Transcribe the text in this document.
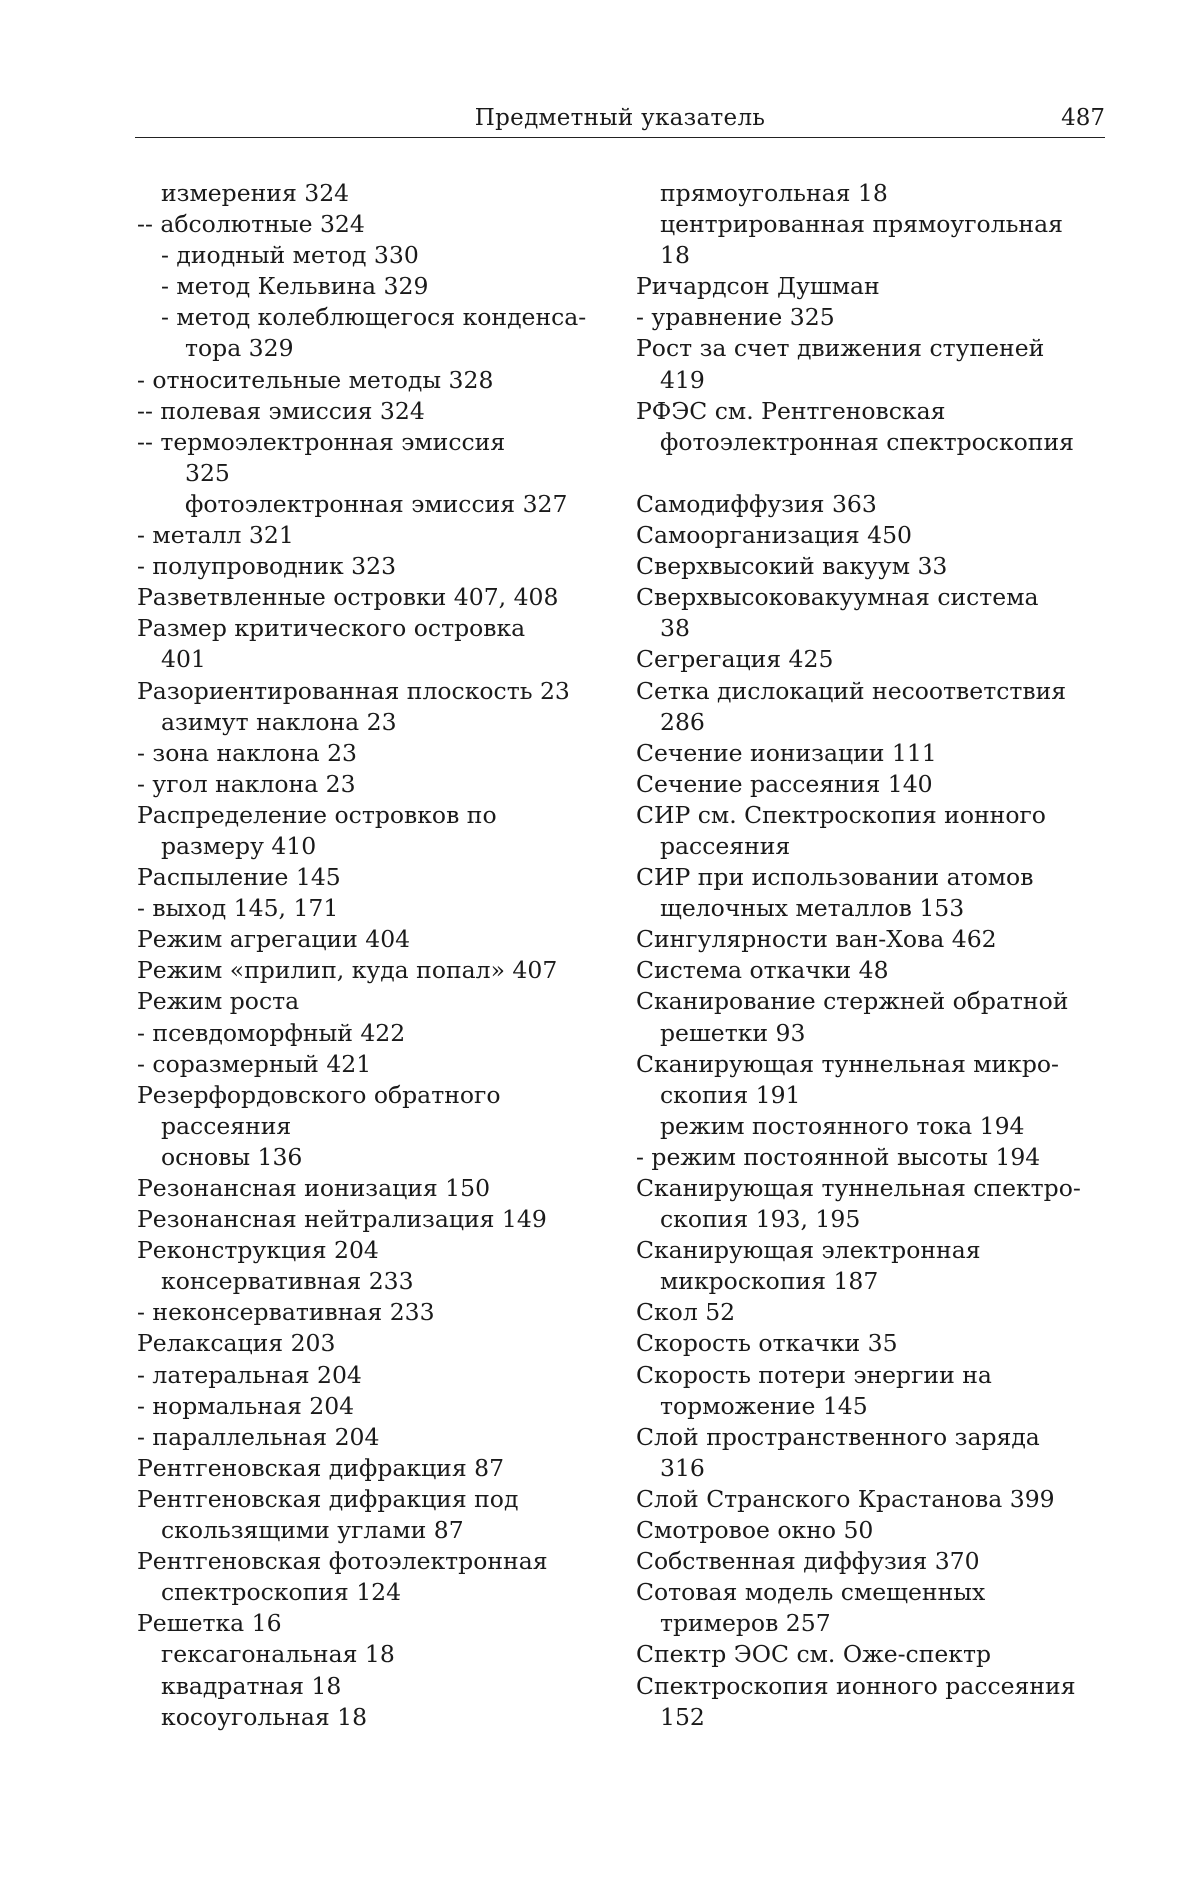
Предметный указатель	487
измерения 324
-- абсолютные 324
- диодный метод 330
- метод Кельвина 329
- метод колеблющегося конденса-
тора 329
- относительные методы 328
-- полевая эмиссия 324
-- термоэлектронная эмиссия
325
фотоэлектронная эмиссия 327
- металл 321
- полупроводник 323
Разветвленные островки 407, 408
Размер критического островка
401
Разориентированная плоскость 23
азимут наклона 23
- зона наклона 23
- угол наклона 23
Распределение островков по
размеру 410
Распыление 145
- выход 145, 171
Режим агрегации 404
Режим «прилип, куда попал» 407
Режим роста
- псевдоморфный 422
- соразмерный 421
Резерфордовского обратного
рассеяния
основы 136
Резонансная ионизация 150
Резонансная нейтрализация 149
Реконструкция 204
консервативная 233
- неконсервативная 233
Релаксация 203
- латеральная 204
- нормальная 204
- параллельная 204
Рентгеновская дифракция 87
Рентгеновская дифракция под
скользящими углами 87
Рентгеновская фотоэлектронная
спектроскопия 124
Решетка 16
гексагональная 18
квадратная 18
косоугольная 18
прямоугольная 18
центрированная прямоугольная
18
Ричардсон Душман
- уравнение 325
Рост за счет движения ступеней
419
РФЭС см. Рентгеновская
фотоэлектронная спектроскопия
Самодиффузия 363
Самоорганизация 450
Сверхвысокий вакуум 33
Сверхвысоковакуумная система
38
Сегрегация 425
Сетка дислокаций несоответствия
286
Сечение ионизации 111
Сечение рассеяния 140
СИР см. Спектроскопия ионного
рассеяния
СИР при использовании атомов
щелочных металлов 153
Сингулярности ван-Хова 462
Система откачки 48
Сканирование стержней обратной
решетки 93
Сканирующая туннельная микро-
скопия 191
режим постоянного тока 194
- режим постоянной высоты 194
Сканирующая туннельная спектро-
скопия 193, 195
Сканирующая электронная
микроскопия 187
Скол 52
Скорость откачки 35
Скорость потери энергии на
торможение 145
Слой пространственного заряда
316
Слой Странского Крастанова 399
Смотровое окно 50
Собственная диффузия 370
Сотовая модель смещенных
тримеров 257
Спектр ЭОС см. Оже-спектр
Спектроскопия ионного рассеяния
152
